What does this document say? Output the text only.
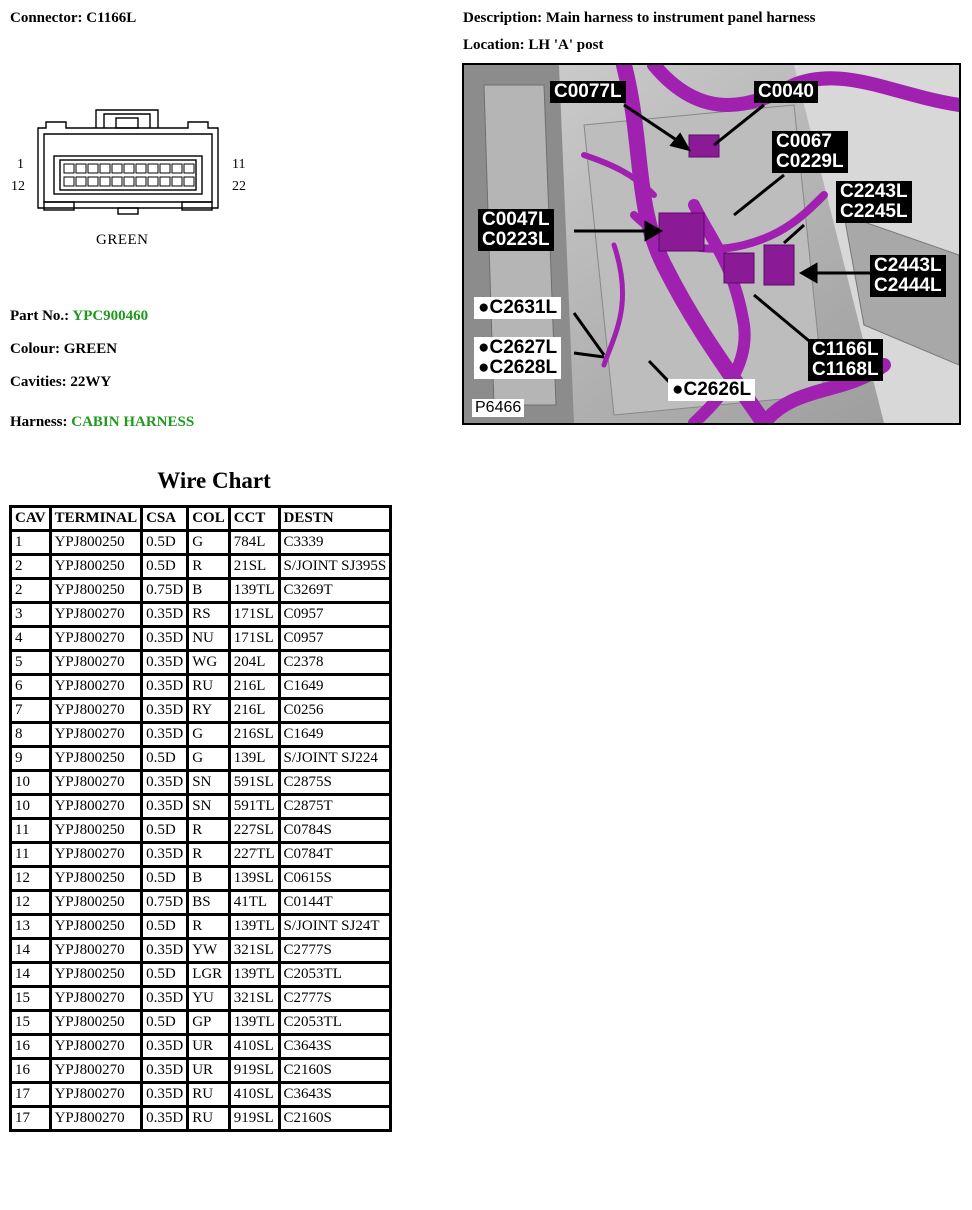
Connector: C1166L	Description: Main harness to instrument panel harness
Location: LH 'A' post
1
12
11
22
GREEN
Part No.: YPC900460
Colour: GREEN
Cavities: 22WY
Harness: CABIN HARNESS
C0077L	C0040
C0067
C0229L
C2243L
C2245L
C0047L
C0223L
C2443L
C2444L
●C2631L
●C2627L
●C2628L
C1166L
C1168L
●C2626L
P6466
Wire Chart
CAV	TERMINAL	CSA	COL	CCT	DESTN
1	YPJ800250	0.5D	G	784L	C3339
2	YPJ800250	0.5D	R	21SL	S/JOINT SJ395S
2	YPJ800250	0.75D	B	139TL	C3269T
3	YPJ800270	0.35D	RS	171SL	C0957
4	YPJ800270	0.35D	NU	171SL	C0957
5	YPJ800270	0.35D	WG	204L	C2378
6	YPJ800270	0.35D	RU	216L	C1649
7	YPJ800270	0.35D	RY	216L	C0256
8	YPJ800270	0.35D	G	216SL	C1649
9	YPJ800250	0.5D	G	139L	S/JOINT SJ224
10	YPJ800270	0.35D	SN	591SL	C2875S
10	YPJ800270	0.35D	SN	591TL	C2875T
11	YPJ800250	0.5D	R	227SL	C0784S
11	YPJ800270	0.35D	R	227TL	C0784T
12	YPJ800250	0.5D	B	139SL	C0615S
12	YPJ800250	0.75D	BS	41TL	C0144T
13	YPJ800250	0.5D	R	139TL	S/JOINT SJ24T
14	YPJ800270	0.35D	YW	321SL	C2777S
14	YPJ800250	0.5D	LGR	139TL	C2053TL
15	YPJ800270	0.35D	YU	321SL	C2777S
15	YPJ800250	0.5D	GP	139TL	C2053TL
16	YPJ800270	0.35D	UR	410SL	C3643S
16	YPJ800270	0.35D	UR	919SL	C2160S
17	YPJ800270	0.35D	RU	410SL	C3643S
17	YPJ800270	0.35D	RU	919SL	C2160S
